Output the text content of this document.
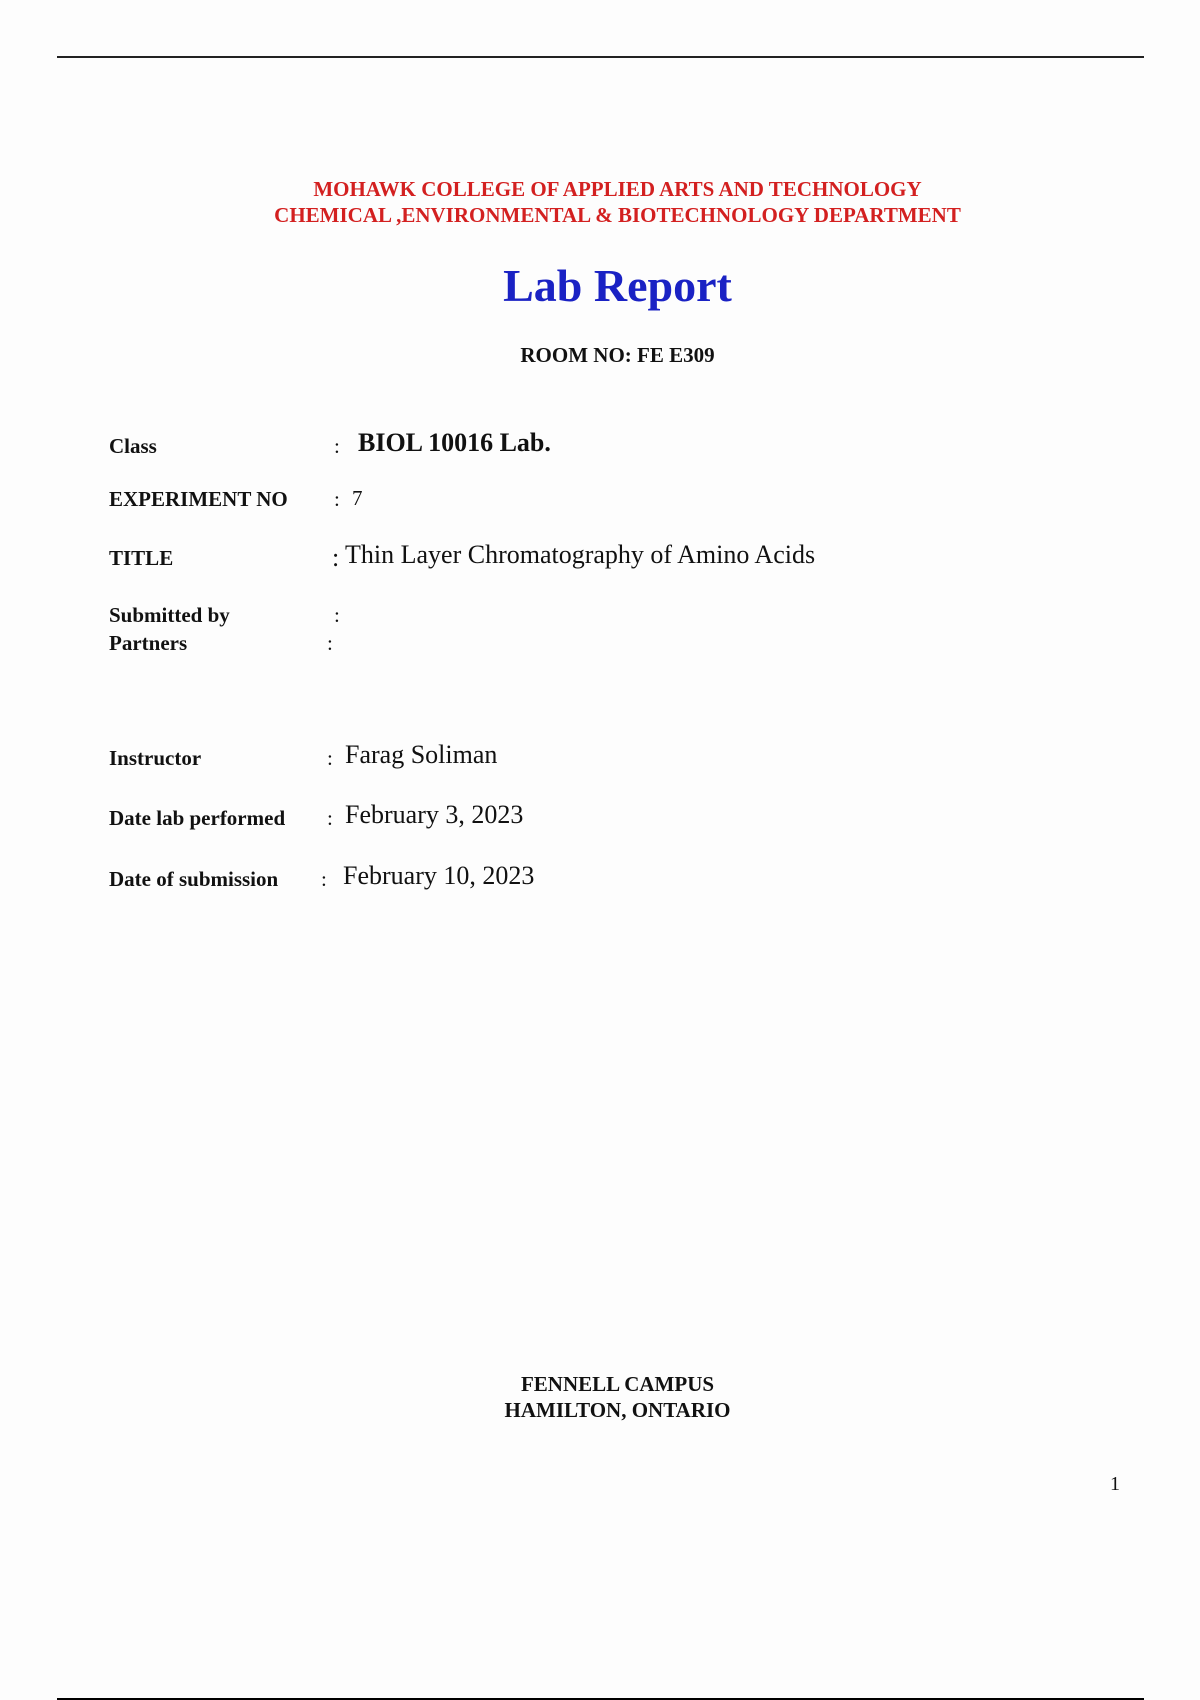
MOHAWK COLLEGE OF APPLIED ARTS AND TECHNOLOGY
CHEMICAL ,ENVIRONMENTAL & BIOTECHNOLOGY DEPARTMENT
Lab Report
ROOM NO: FE E309
Class	: BIOL 10016 Lab.
EXPERIMENT NO : 7
TITLE	: Thin Layer Chromatography of Amino Acids
Submitted by	:
Partners	:
Instructor	: Farag Soliman
Date lab performed : February 3, 2023
Date of submission : February 10, 2023
FENNELL CAMPUS
HAMILTON, ONTARIO
1
